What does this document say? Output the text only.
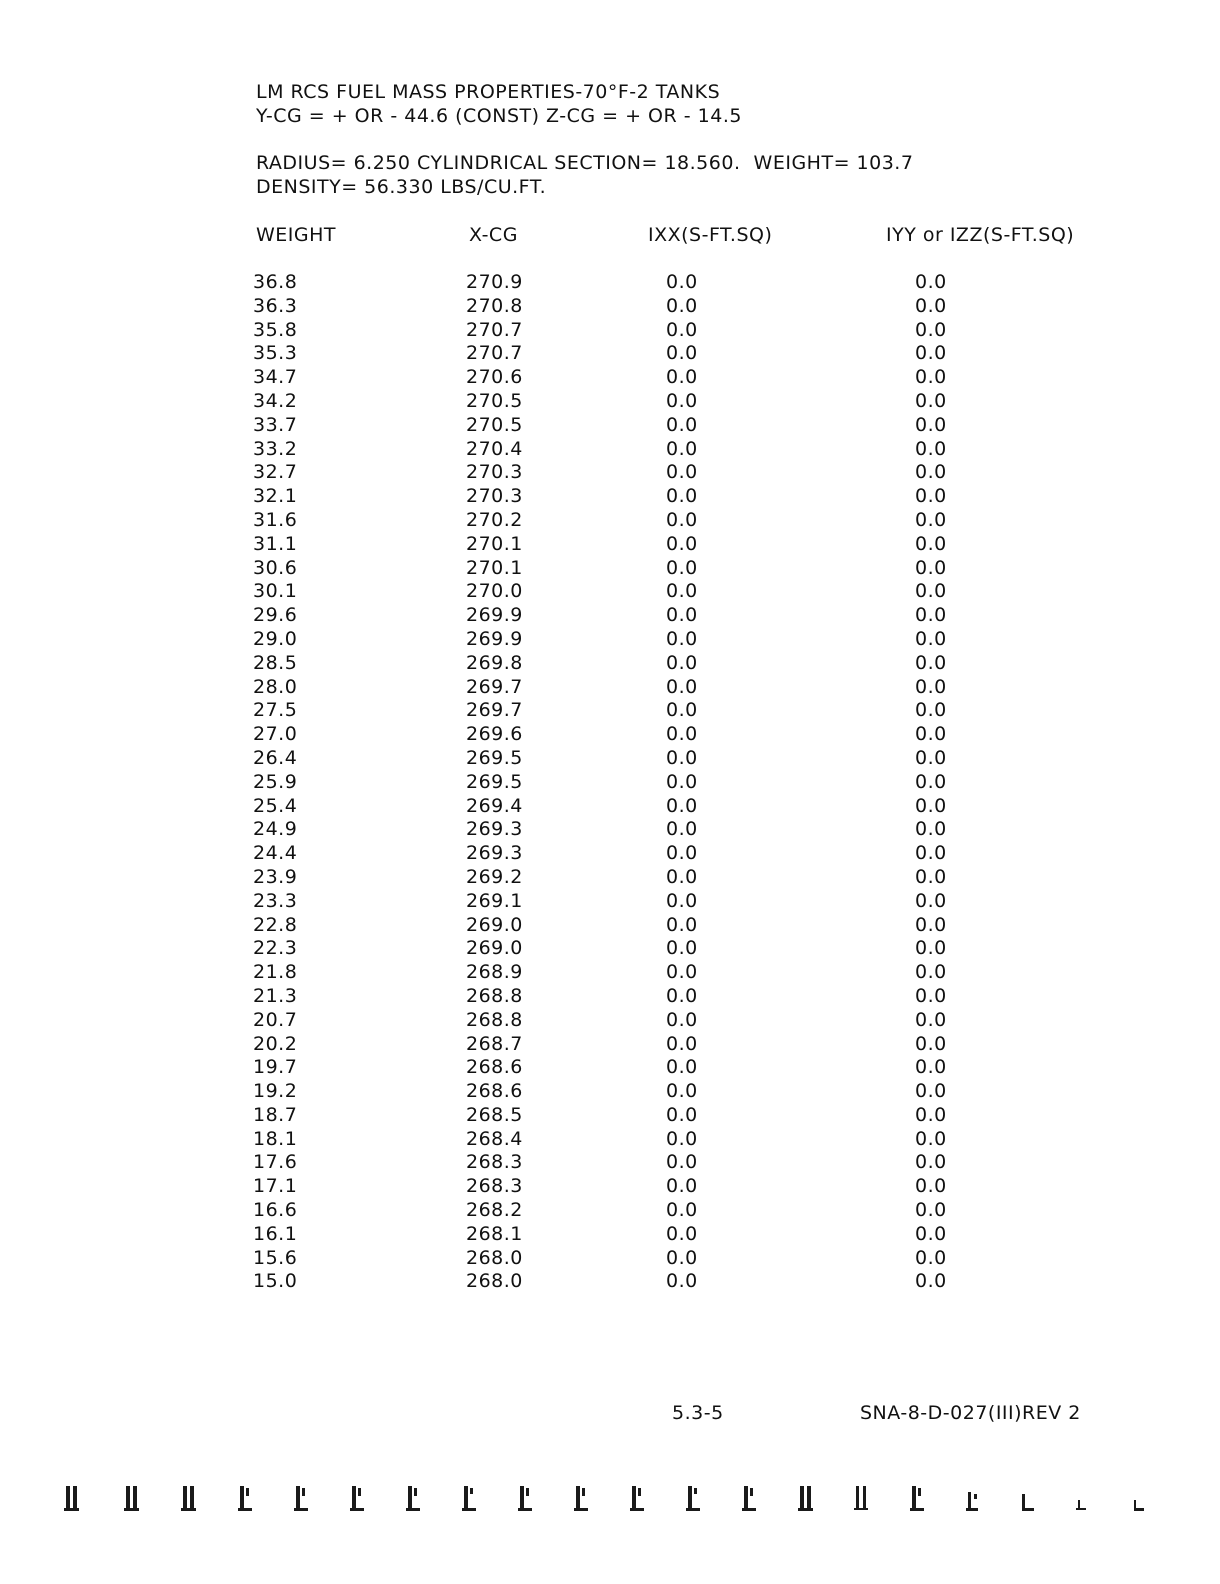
LM RCS FUEL MASS PROPERTIES-70°F-2 TANKS
Y-CG = + OR - 44.6 (CONST) Z-CG = + OR - 14.5
RADIUS= 6.250 CYLINDRICAL SECTION= 18.560.  WEIGHT= 103.7
DENSITY= 56.330 LBS/CU.FT.
WEIGHT	X-CG	IXX(S-FT.SQ)	IYY or IZZ(S-FT.SQ)
36.8	270.9	0.0	0.0
36.3	270.8	0.0	0.0
35.8	270.7	0.0	0.0
35.3	270.7	0.0	0.0
34.7	270.6	0.0	0.0
34.2	270.5	0.0	0.0
33.7	270.5	0.0	0.0
33.2	270.4	0.0	0.0
32.7	270.3	0.0	0.0
32.1	270.3	0.0	0.0
31.6	270.2	0.0	0.0
31.1	270.1	0.0	0.0
30.6	270.1	0.0	0.0
30.1	270.0	0.0	0.0
29.6	269.9	0.0	0.0
29.0	269.9	0.0	0.0
28.5	269.8	0.0	0.0
28.0	269.7	0.0	0.0
27.5	269.7	0.0	0.0
27.0	269.6	0.0	0.0
26.4	269.5	0.0	0.0
25.9	269.5	0.0	0.0
25.4	269.4	0.0	0.0
24.9	269.3	0.0	0.0
24.4	269.3	0.0	0.0
23.9	269.2	0.0	0.0
23.3	269.1	0.0	0.0
22.8	269.0	0.0	0.0
22.3	269.0	0.0	0.0
21.8	268.9	0.0	0.0
21.3	268.8	0.0	0.0
20.7	268.8	0.0	0.0
20.2	268.7	0.0	0.0
19.7	268.6	0.0	0.0
19.2	268.6	0.0	0.0
18.7	268.5	0.0	0.0
18.1	268.4	0.0	0.0
17.6	268.3	0.0	0.0
17.1	268.3	0.0	0.0
16.6	268.2	0.0	0.0
16.1	268.1	0.0	0.0
15.6	268.0	0.0	0.0
15.0	268.0	0.0	0.0
5.3-5	SNA-8-D-027(III)REV 2
